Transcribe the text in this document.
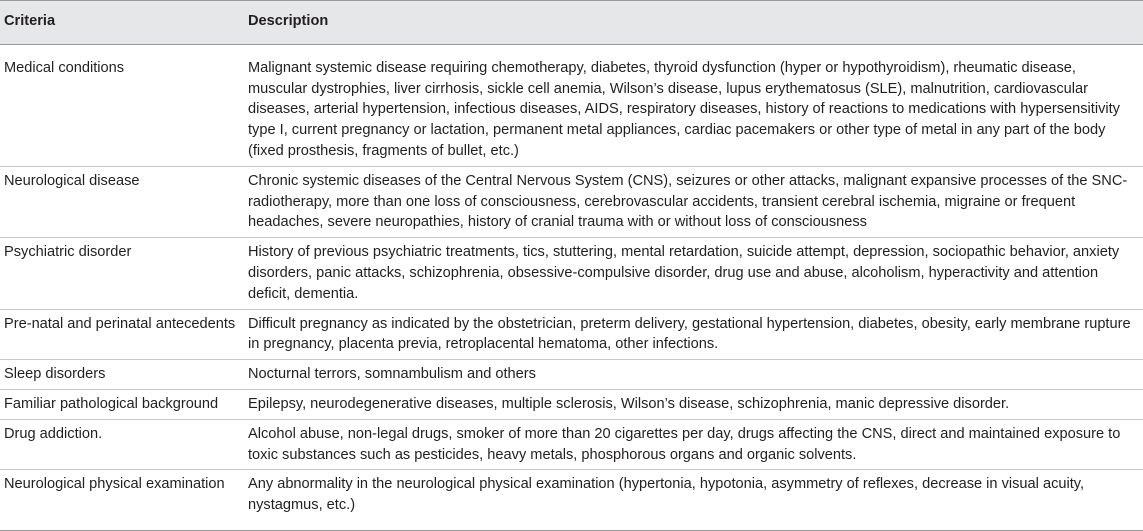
Criteria	Description
Medical conditions	Malignant systemic disease requiring chemotherapy, diabetes, thyroid dysfunction (hyper or hypothyroidism), rheumatic disease, muscular dystrophies, liver cirrhosis, sickle cell anemia, Wilson’s disease, lupus erythematosus (SLE), malnutrition, cardiovascular diseases, arterial hypertension, infectious diseases, AIDS, respiratory diseases, history of reactions to medications with hypersensitivity type I, current pregnancy or lactation, permanent metal appliances, cardiac pacemakers or other type of metal in any part of the body (fixed prosthesis, fragments of bullet, etc.)
Neurological disease	Chronic systemic diseases of the Central Nervous System (CNS), seizures or other attacks, malignant expansive processes of the SNC-radiotherapy, more than one loss of consciousness, cerebrovascular accidents, transient cerebral ischemia, migraine or frequent headaches, severe neuropathies, history of cranial trauma with or without loss of consciousness
Psychiatric disorder	History of previous psychiatric treatments, tics, stuttering, mental retardation, suicide attempt, depression, sociopathic behavior, anxiety disorders, panic attacks, schizophrenia, obsessive-compulsive disorder, drug use and abuse, alcoholism, hyperactivity and attention deficit, dementia.
Pre-natal and perinatal antecedents	Difficult pregnancy as indicated by the obstetrician, preterm delivery, gestational hypertension, diabetes, obesity, early membrane rupture in pregnancy, placenta previa, retroplacental hematoma, other infections.
Sleep disorders	Nocturnal terrors, somnambulism and others
Familiar pathological background	Epilepsy, neurodegenerative diseases, multiple sclerosis, Wilson’s disease, schizophrenia, manic depressive disorder.
Drug addiction.	Alcohol abuse, non-legal drugs, smoker of more than 20 cigarettes per day, drugs affecting the CNS, direct and maintained exposure to toxic substances such as pesticides, heavy metals, phosphorous organs and organic solvents.
Neurological physical examination	Any abnormality in the neurological physical examination (hypertonia, hypotonia, asymmetry of reflexes, decrease in visual acuity, nystagmus, etc.)
